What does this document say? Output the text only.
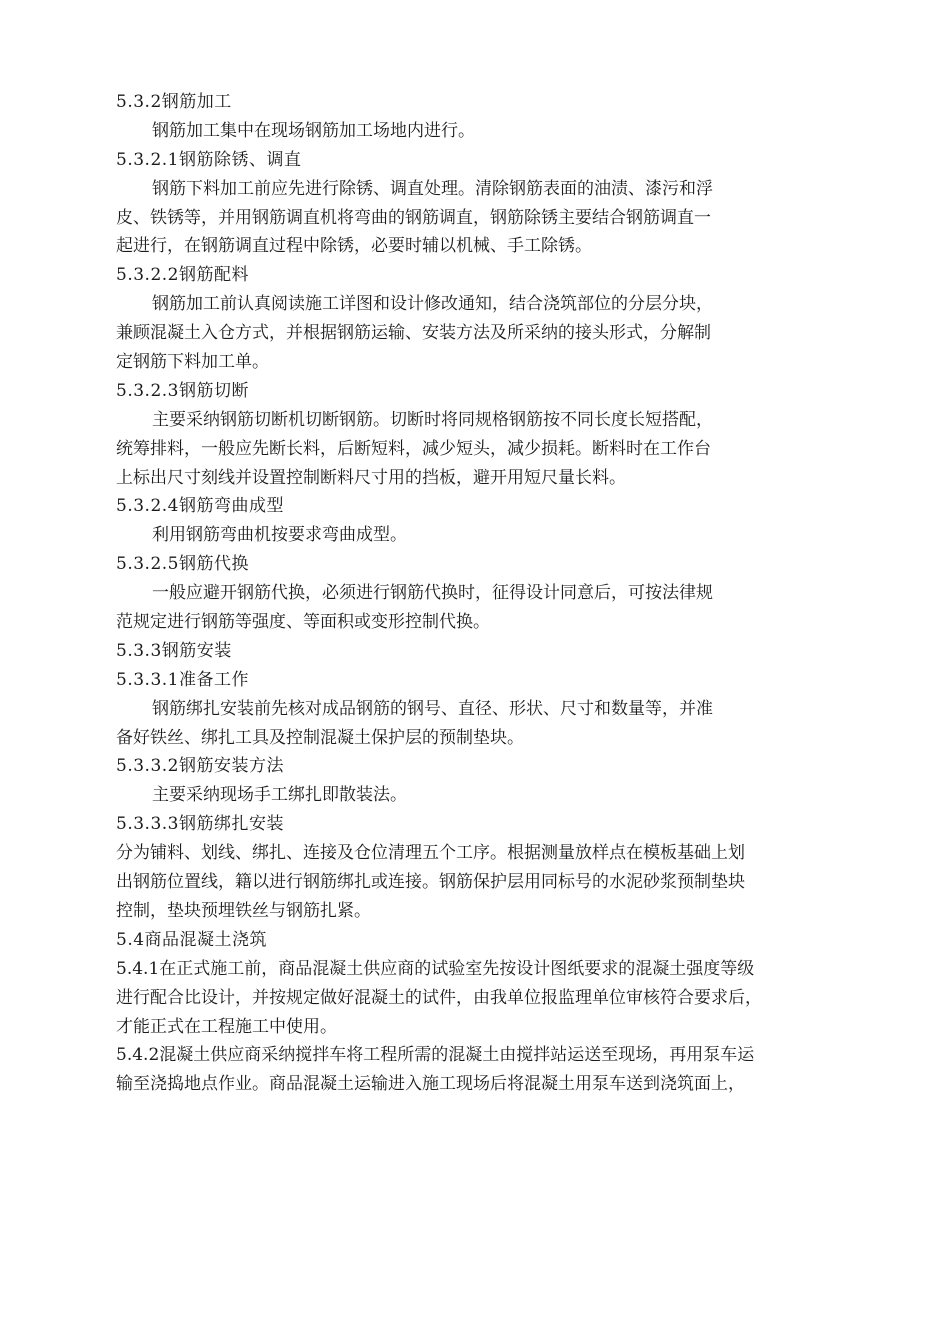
5.3.2钢筋加工
钢筋加工集中在现场钢筋加工场地内进行。
5.3.2.1钢筋除锈、调直
钢筋下料加工前应先进行除锈、调直处理。清除钢筋表面的油渍、漆污和浮
皮、铁锈等，并用钢筋调直机将弯曲的钢筋调直，钢筋除锈主要结合钢筋调直一
起进行，在钢筋调直过程中除锈，必要时辅以机械、手工除锈。
5.3.2.2钢筋配料
钢筋加工前认真阅读施工详图和设计修改通知，结合浇筑部位的分层分块，
兼顾混凝土入仓方式，并根据钢筋运输、安装方法及所采纳的接头形式，分解制
定钢筋下料加工单。
5.3.2.3钢筋切断
主要采纳钢筋切断机切断钢筋。切断时将同规格钢筋按不同长度长短搭配，
统筹排料，一般应先断长料，后断短料，减少短头，减少损耗。断料时在工作台
上标出尺寸刻线并设置控制断料尺寸用的挡板，避开用短尺量长料。
5.3.2.4钢筋弯曲成型
利用钢筋弯曲机按要求弯曲成型。
5.3.2.5钢筋代换
一般应避开钢筋代换，必须进行钢筋代换时，征得设计同意后，可按法律规
范规定进行钢筋等强度、等面积或变形控制代换。
5.3.3钢筋安装
5.3.3.1准备工作
钢筋绑扎安装前先核对成品钢筋的钢号、直径、形状、尺寸和数量等，并准
备好铁丝、绑扎工具及控制混凝土保护层的预制垫块。
5.3.3.2钢筋安装方法
主要采纳现场手工绑扎即散装法。
5.3.3.3钢筋绑扎安装
分为铺料、划线、绑扎、连接及仓位清理五个工序。根据测量放样点在模板基础上划
出钢筋位置线，籍以进行钢筋绑扎或连接。钢筋保护层用同标号的水泥砂浆预制垫块
控制，垫块预埋铁丝与钢筋扎紧。
5.4商品混凝土浇筑
5.4.1在正式施工前，商品混凝土供应商的试验室先按设计图纸要求的混凝土强度等级
进行配合比设计，并按规定做好混凝土的试件，由我单位报监理单位审核符合要求后，
才能正式在工程施工中使用。
5.4.2混凝土供应商采纳搅拌车将工程所需的混凝土由搅拌站运送至现场，再用泵车运
输至浇捣地点作业。商品混凝土运输进入施工现场后将混凝土用泵车送到浇筑面上，
